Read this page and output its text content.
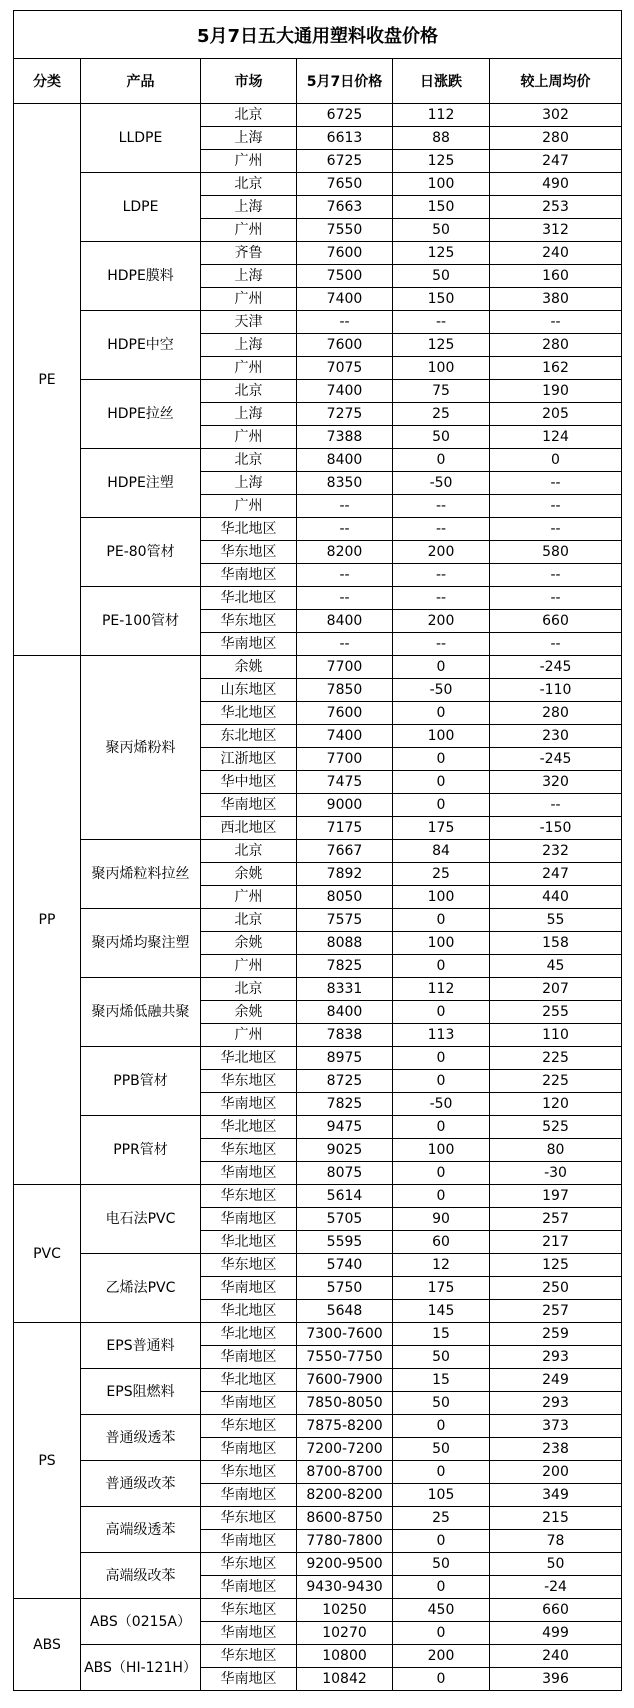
5月7日五大通用塑料收盘价格					
分类	产品	市场	5月7日价格	日涨跌	较上周均价
PE	LLDPE	北京	6725	112	302
		上海	6613	88	280
		广州	6725	125	247
	LDPE	北京	7650	100	490
		上海	7663	150	253
		广州	7550	50	312
	HDPE膜料	齐鲁	7600	125	240
		上海	7500	50	160
		广州	7400	150	380
	HDPE中空	天津	--	--	--
		上海	7600	125	280
		广州	7075	100	162
	HDPE拉丝	北京	7400	75	190
		上海	7275	25	205
		广州	7388	50	124
	HDPE注塑	北京	8400	0	0
		上海	8350	-50	--
		广州	--	--	--
	PE-80管材	华北地区	--	--	--
		华东地区	8200	200	580
		华南地区	--	--	--
	PE-100管材	华北地区	--	--	--
		华东地区	8400	200	660
		华南地区	--	--	--
PP	聚丙烯粉料	余姚	7700	0	-245
		山东地区	7850	-50	-110
		华北地区	7600	0	280
		东北地区	7400	100	230
		江浙地区	7700	0	-245
		华中地区	7475	0	320
		华南地区	9000	0	--
		西北地区	7175	175	-150
	聚丙烯粒料拉丝	北京	7667	84	232
		余姚	7892	25	247
		广州	8050	100	440
	聚丙烯均聚注塑	北京	7575	0	55
		余姚	8088	100	158
		广州	7825	0	45
	聚丙烯低融共聚	北京	8331	112	207
		余姚	8400	0	255
		广州	7838	113	110
	PPB管材	华北地区	8975	0	225
		华东地区	8725	0	225
		华南地区	7825	-50	120
	PPR管材	华北地区	9475	0	525
		华东地区	9025	100	80
		华南地区	8075	0	-30
PVC	电石法PVC	华东地区	5614	0	197
		华南地区	5705	90	257
		华北地区	5595	60	217
	乙烯法PVC	华东地区	5740	12	125
		华南地区	5750	175	250
		华北地区	5648	145	257
PS	EPS普通料	华北地区	7300-7600	15	259
		华南地区	7550-7750	50	293
	EPS阻燃料	华北地区	7600-7900	15	249
		华南地区	7850-8050	50	293
	普通级透苯	华东地区	7875-8200	0	373
		华南地区	7200-7200	50	238
	普通级改苯	华东地区	8700-8700	0	200
		华南地区	8200-8200	105	349
	高端级透苯	华东地区	8600-8750	25	215
		华南地区	7780-7800	0	78
	高端级改苯	华东地区	9200-9500	50	50
		华南地区	9430-9430	0	-24
ABS	ABS（0215A）	华东地区	10250	450	660
		华南地区	10270	0	499
	ABS（HI-121H）	华东地区	10800	200	240
		华南地区	10842	0	396
